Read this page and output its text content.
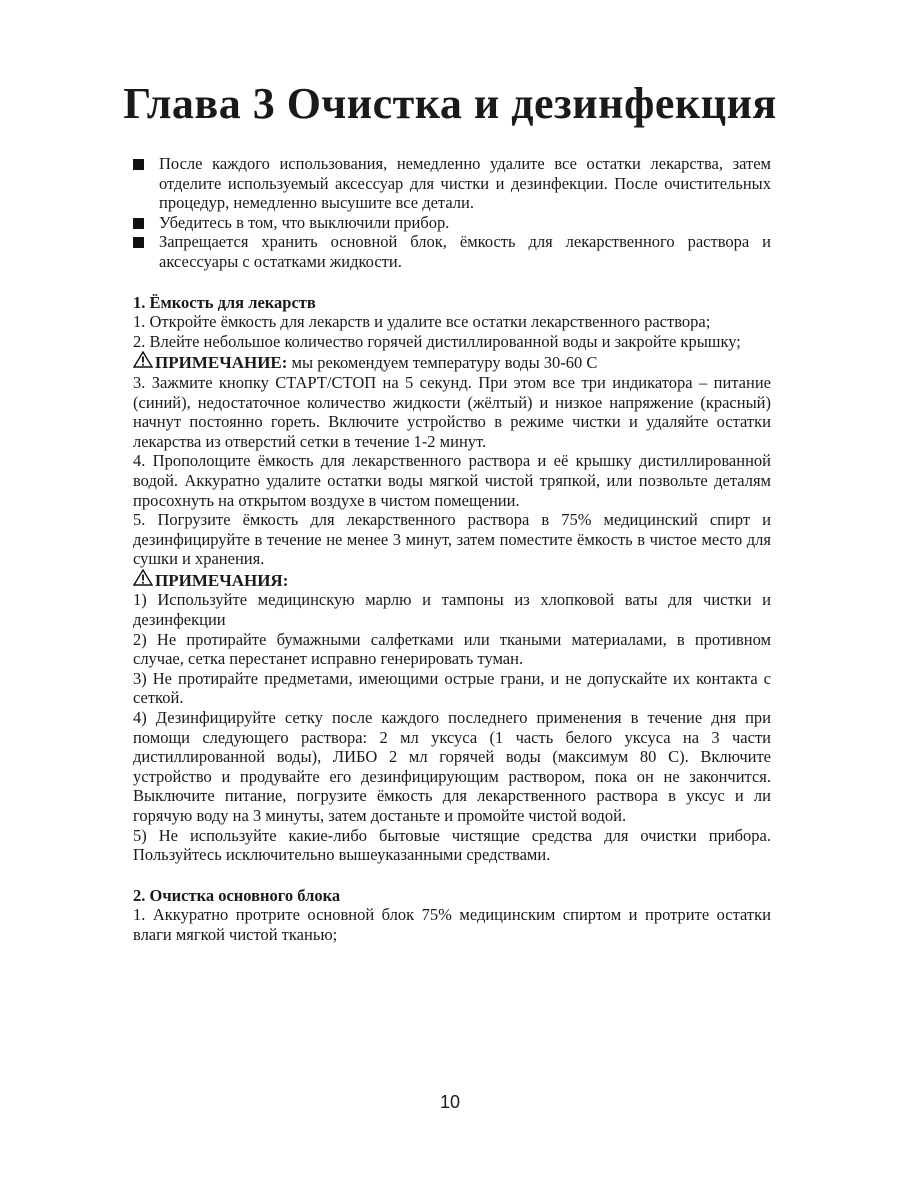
Глава 3 Очистка и дезинфекция
После каждого использования, немедленно удалите все остатки лекарства, затем отделите используемый аксессуар для чистки и дезинфекции. После очистительных процедур, немедленно высушите все детали.
Убедитесь в том, что выключили прибор.
Запрещается хранить основной блок, ёмкость для лекарственного раствора и аксессуары с остатками жидкости.

1. Ёмкость для лекарств

1. Откройте ёмкость для лекарств и удалите все остатки лекарственного раствора;

2. Влейте небольшое количество горячей дистиллированной воды и закройте крышку;

ПРИМЕЧАНИЕ:
мы рекомендуем температуру воды 30-60 С

3. Зажмите кнопку СТАРТ/СТОП на 5 секунд. При этом все три индикатора – питание (синий), недостаточное количество жидкости (жёлтый) и низкое напряжение (красный) начнут постоянно гореть. Включите устройство в режиме чистки и удаляйте остатки лекарства из отверстий сетки в течение 1-2 минут.

4. Прополощите ёмкость для лекарственного раствора и её крышку дистиллированной водой. Аккуратно удалите остатки воды мягкой чистой тряпкой, или позвольте деталям просохнуть на открытом воздухе в чистом помещении.

5. Погрузите ёмкость для лекарственного раствора в 75% медицинский спирт и дезинфицируйте в течение не менее 3 минут, затем поместите ёмкость в чистое место для сушки и хранения.

ПРИМЕЧАНИЯ:

1) Используйте медицинскую марлю и тампоны из хлопковой ваты для чистки и дезинфекции

2) Не протирайте бумажными салфетками или ткаными материалами, в противном случае, сетка перестанет исправно генерировать туман.

3) Не протирайте предметами, имеющими острые грани, и не допускайте их контакта с сеткой.

4) Дезинфицируйте сетку после каждого последнего применения в течение дня при помощи следующего раствора: 2 мл уксуса (1 часть белого уксуса на 3 части дистиллированной воды), ЛИБО 2 мл горячей воды (максимум 80 С). Включите устройство и продувайте его дезинфицирующим раствором, пока он не закончится. Выключите питание, погрузите ёмкость для лекарственного раствора в уксус и ли горячую воду на 3 минуты, затем достаньте и промойте чистой водой.

5) Не используйте какие-либо бытовые чистящие средства для очистки прибора. Пользуйтесь исключительно вышеуказанными средствами.

2. Очистка основного блока

1. Аккуратно протрите основной блок 75% медицинским спиртом и протрите остатки влаги мягкой чистой тканью;

10
